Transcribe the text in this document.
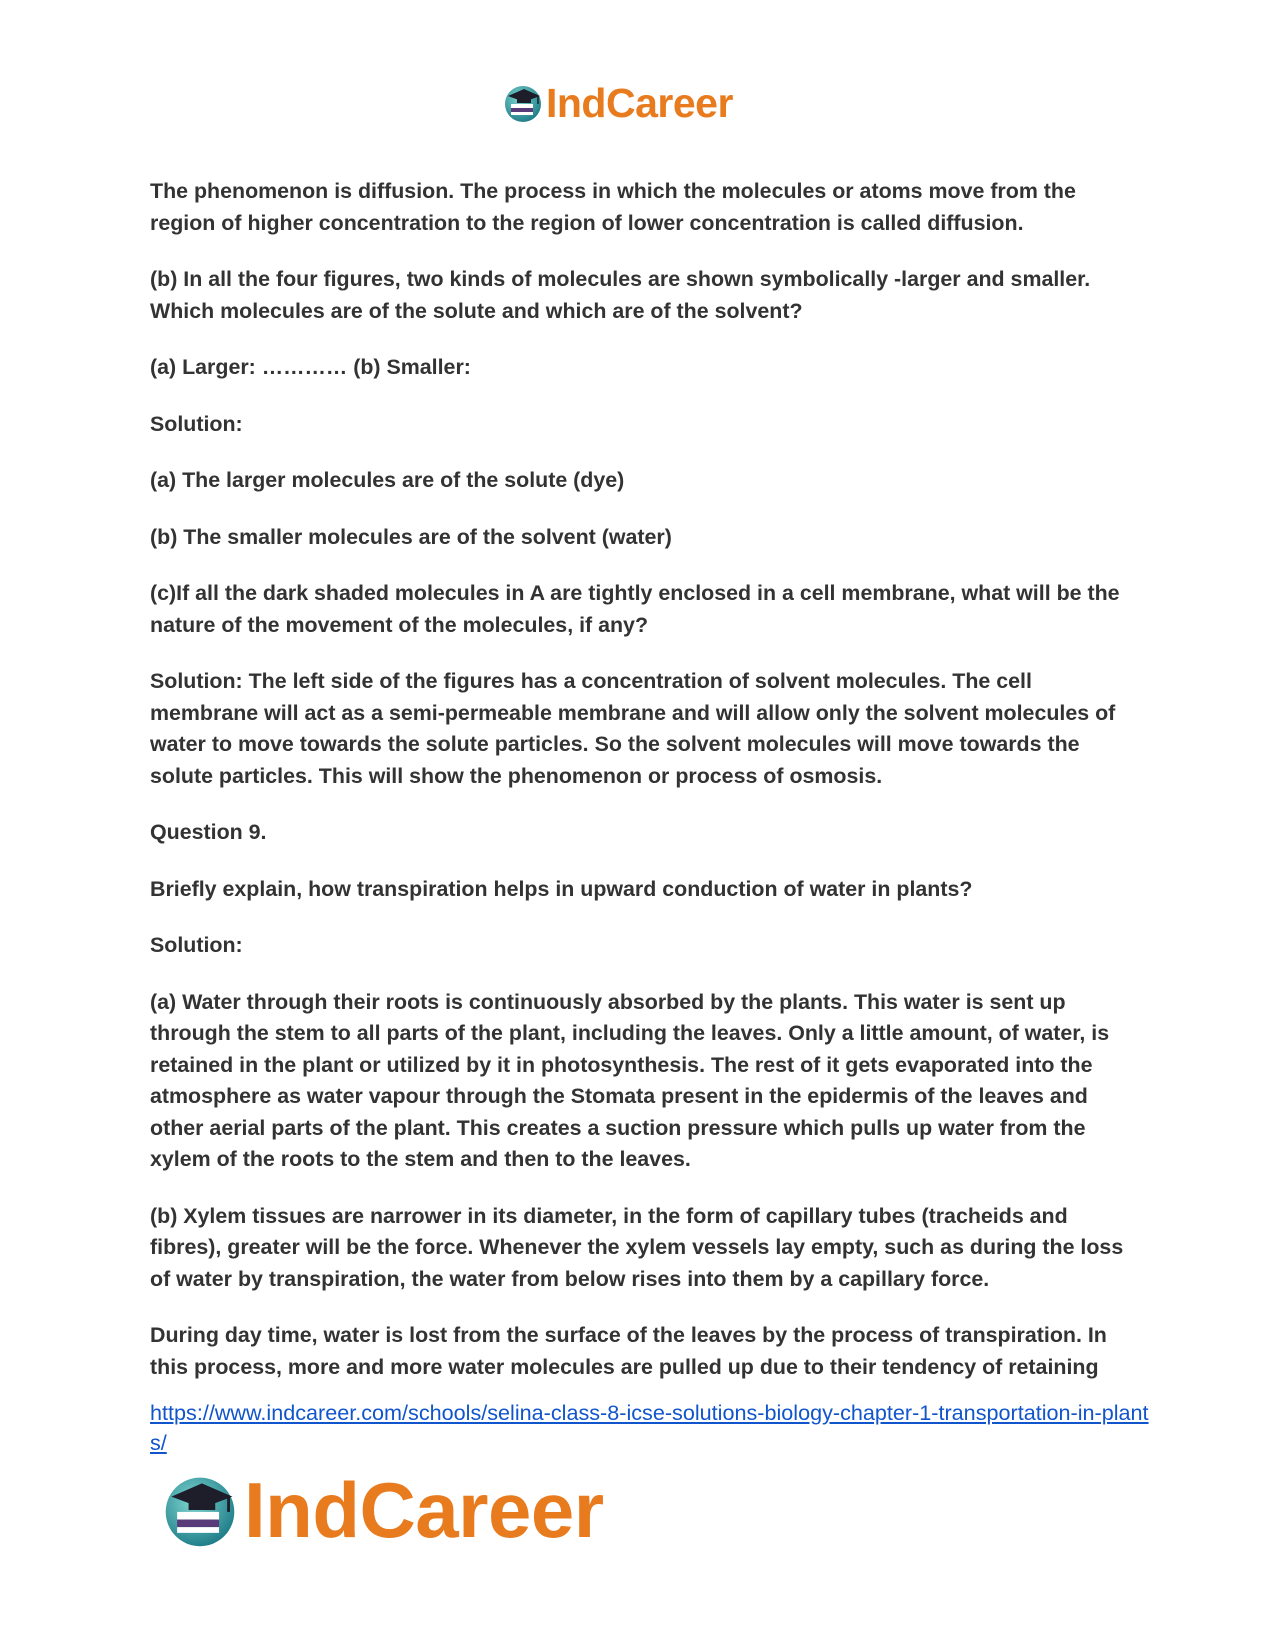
IndCareer

The phenomenon is diffusion. The process in which the molecules or atoms move from the region of higher concentration to the region of lower concentration is called diffusion.

(b) In all the four figures, two kinds of molecules are shown symbolically -larger and smaller. Which molecules are of the solute and which are of the solvent?

(a) Larger: ………… (b) Smaller:

Solution:

(a) The larger molecules are of the solute (dye)

(b) The smaller molecules are of the solvent (water)

(c)If all the dark shaded molecules in A are tightly enclosed in a cell membrane, what will be the nature of the movement of the molecules, if any?

Solution: The left side of the figures has a concentration of solvent molecules. The cell membrane will act as a semi-permeable membrane and will allow only the solvent molecules of water to move towards the solute particles. So the solvent molecules will move towards the solute particles. This will show the phenomenon or process of osmosis.

Question 9.

Briefly explain, how transpiration helps in upward conduction of water in plants?

Solution:

(a) Water through their roots is continuously absorbed by the plants. This water is sent up through the stem to all parts of the plant, including the leaves. Only a little amount, of water, is retained in the plant or utilized by it in photosynthesis. The rest of it gets evaporated into the atmosphere as water vapour through the Stomata present in the epidermis of the leaves and other aerial parts of the plant. This creates a suction pressure which pulls up water from the xylem of the roots to the stem and then to the leaves.

(b) Xylem tissues are narrower in its diameter, in the form of capillary tubes (tracheids and fibres), greater will be the force. Whenever the xylem vessels lay empty, such as during the loss of water by transpiration, the water from below rises into them by a capillary force.

During day time, water is lost from the surface of the leaves by the process of transpiration. In this process, more and more water molecules are pulled up due to their tendency of retaining

https://www.indcareer.com/schools/selina-class-8-icse-solutions-biology-chapter-1-transportation-in-plants/
IndCareer
